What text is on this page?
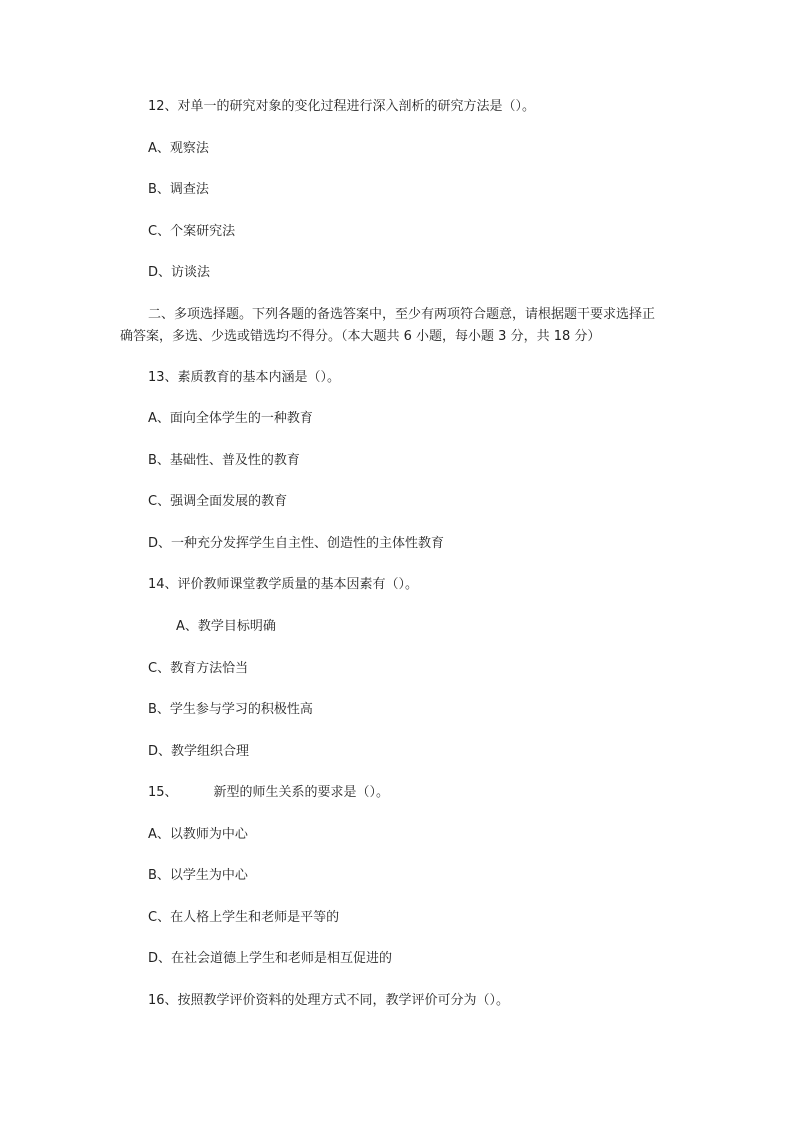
12、对单一的研究对象的变化过程进行深入剖析的研究方法是（）。
A、观察法
B、调查法
C、个案研究法
D、访谈法
二、多项选择题。下列各题的备选答案中，至少有两项符合题意，请根据题干要求选择正确答案，多选、少选或错选均不得分。（本大题共 6 小题，每小题 3 分，共 18 分）
13、素质教育的基本内涵是（）。
A、面向全体学生的一种教育
B、基础性、普及性的教育
C、强调全面发展的教育
D、一种充分发挥学生自主性、创造性的主体性教育
14、评价教师课堂教学质量的基本因素有（）。
A、教学目标明确
C、教育方法恰当
B、学生参与学习的积极性高
D、教学组织合理
15、	新型的师生关系的要求是（）。
A、以教师为中心
B、以学生为中心
C、在人格上学生和老师是平等的
D、在社会道德上学生和老师是相互促进的
16、按照教学评价资料的处理方式不同，教学评价可分为（）。
